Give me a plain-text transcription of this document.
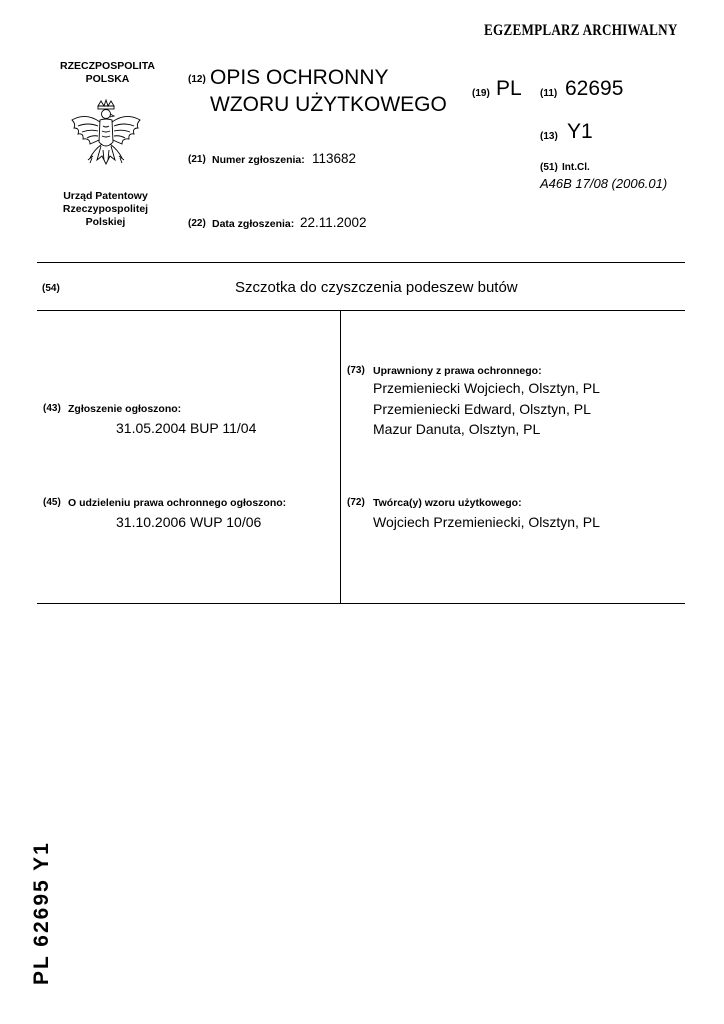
EGZEMPLARZ ARCHIWALNY
RZECZPOSPOLITA
POLSKA
Urząd Patentowy
Rzeczypospolitej
Polskiej
(12) OPIS OCHRONNY
WZORU UŻYTKOWEGO	(19) PL (11) 62695
(13) Y1
(51) Int.Cl.
A46B 17/08 (2006.01)
(21) Numer zgłoszenia: 113682
(22) Data zgłoszenia: 22.11.2002
(54)	Szczotka do czyszczenia podeszew butów
(43) Zgłoszenie ogłoszono:
31.05.2004 BUP 11/04
(45) O udzieleniu prawa ochronnego ogłoszono:
31.10.2006 WUP 10/06
(73) Uprawniony z prawa ochronnego:
Przemieniecki Wojciech, Olsztyn, PL
Przemieniecki Edward, Olsztyn, PL
Mazur Danuta, Olsztyn, PL
(72) Twórca(y) wzoru użytkowego:
Wojciech Przemieniecki, Olsztyn, PL
PL 62695 Y1
